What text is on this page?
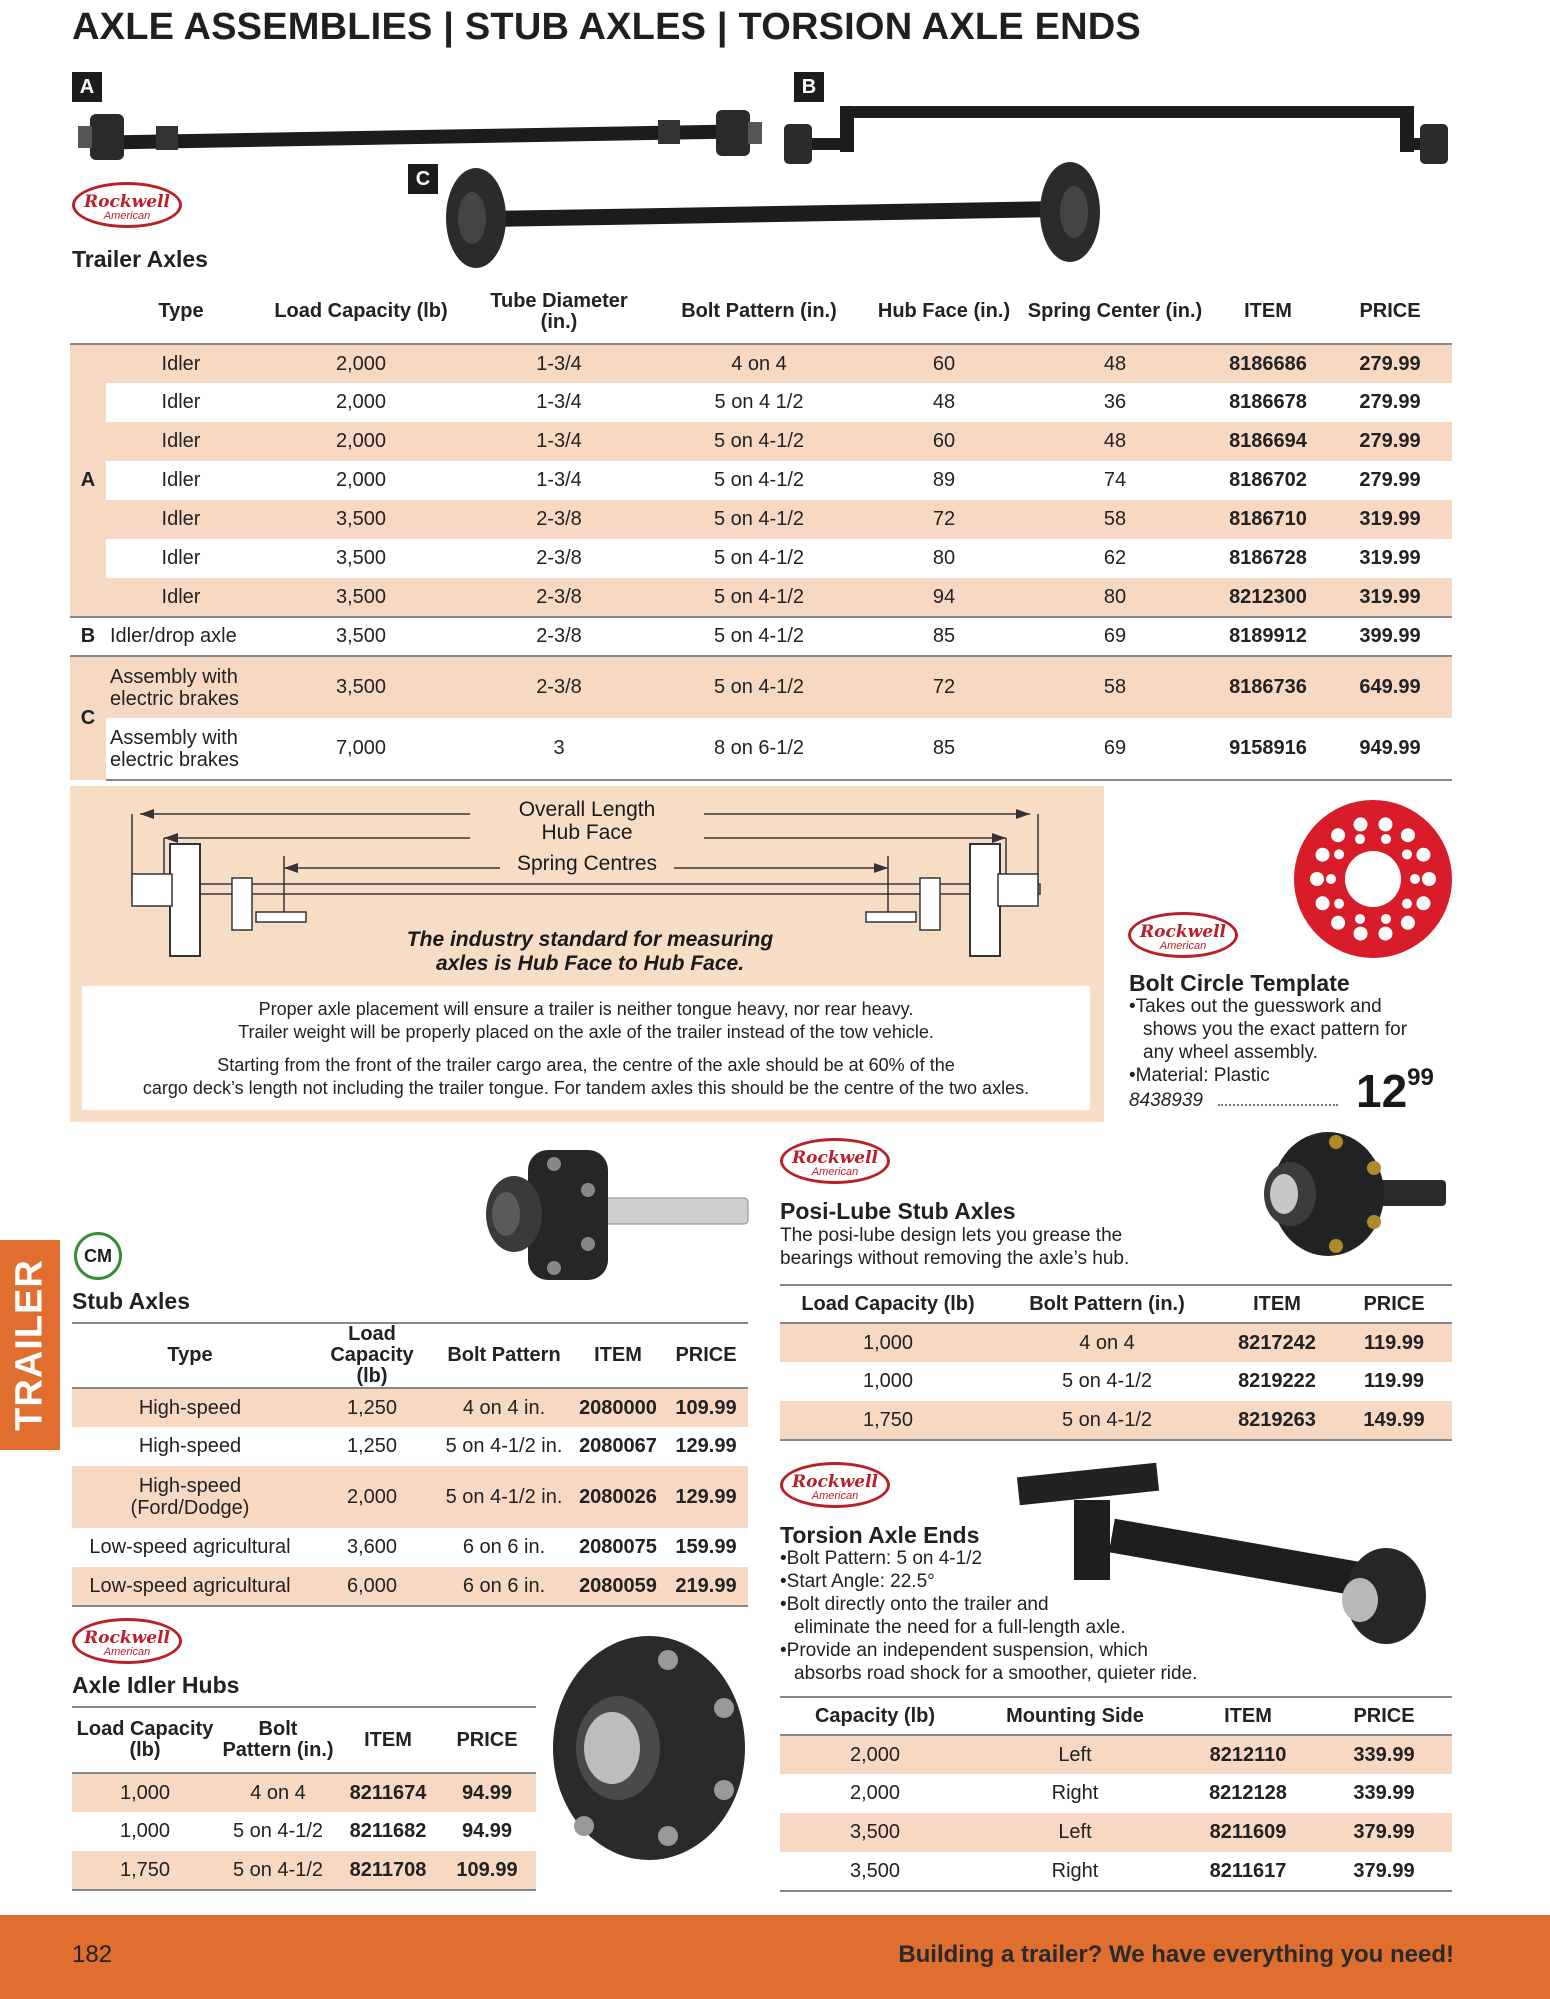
AXLE ASSEMBLIES | STUB AXLES | TORSION AXLE ENDS
A	B
C
Rockwell
American
Trailer Axles
	Type	Load Capacity (lb)	Tube Diameter (in.)	Bolt Pattern (in.)	Hub Face (in.)	Spring Center (in.)	ITEM	PRICE
A	Idler	2,000	1-3/4	4 on 4	60	48	8186686	279.99
	Idler	2,000	1-3/4	5 on 4 1/2	48	36	8186678	279.99
	Idler	2,000	1-3/4	5 on 4-1/2	60	48	8186694	279.99
	Idler	2,000	1-3/4	5 on 4-1/2	89	74	8186702	279.99
	Idler	3,500	2-3/8	5 on 4-1/2	72	58	8186710	319.99
	Idler	3,500	2-3/8	5 on 4-1/2	80	62	8186728	319.99
	Idler	3,500	2-3/8	5 on 4-1/2	94	80	8212300	319.99
B	Idler/drop axle	3,500	2-3/8	5 on 4-1/2	85	69	8189912	399.99
C	Assembly with electric brakes	3,500	2-3/8	5 on 4-1/2	72	58	8186736	649.99
	Assembly with electric brakes	7,000	3	8 on 6-1/2	85	69	9158916	949.99
Overall Length
Hub Face
Spring Centres
The industry standard for measuring
axles is Hub Face to Hub Face.
Proper axle placement will ensure a trailer is neither tongue heavy, nor rear heavy.
Trailer weight will be properly placed on the axle of the trailer instead of the tow vehicle.
Starting from the front of the trailer cargo area, the centre of the axle should be at 60% of the
cargo deck’s length not including the trailer tongue. For tandem axles this should be the centre of the two axles.
Rockwell
American
Bolt Circle Template
•Takes out the guesswork and
shows you the exact pattern for
any wheel assembly.
•Material: Plastic
8438939	$12^{99}$
TRAILER
CM
Stub Axles
Type	Load Capacity (lb)	Bolt Pattern	ITEM	PRICE
High-speed	1,250	4 on 4 in.	2080000	109.99
High-speed	1,250	5 on 4-1/2 in.	2080067	129.99
High-speed (Ford/Dodge)	2,000	5 on 4-1/2 in.	2080026	129.99
Low-speed agricultural	3,600	6 on 6 in.	2080075	159.99
Low-speed agricultural	6,000	6 on 6 in.	2080059	219.99
Rockwell
American
Axle Idler Hubs
Load Capacity (lb)	Bolt Pattern (in.)	ITEM	PRICE
1,000	4 on 4	8211674	94.99
1,000	5 on 4-1/2	8211682	94.99
1,750	5 on 4-1/2	8211708	109.99
Rockwell
American
Posi-Lube Stub Axles
The posi-lube design lets you grease the
bearings without removing the axle’s hub.
Load Capacity (lb)	Bolt Pattern (in.)	ITEM	PRICE
1,000	4 on 4	8217242	119.99
1,000	5 on 4-1/2	8219222	119.99
1,750	5 on 4-1/2	8219263	149.99
Rockwell
American
Torsion Axle Ends
•Bolt Pattern: 5 on 4-1/2
•Start Angle: 22.5°
•Bolt directly onto the trailer and
eliminate the need for a full-length axle.
•Provide an independent suspension, which
absorbs road shock for a smoother, quieter ride.
Capacity (lb)	Mounting Side	ITEM	PRICE
2,000	Left	8212110	339.99
2,000	Right	8212128	339.99
3,500	Left	8211609	379.99
3,500	Right	8211617	379.99
182	Building a trailer? We have everything you need!
